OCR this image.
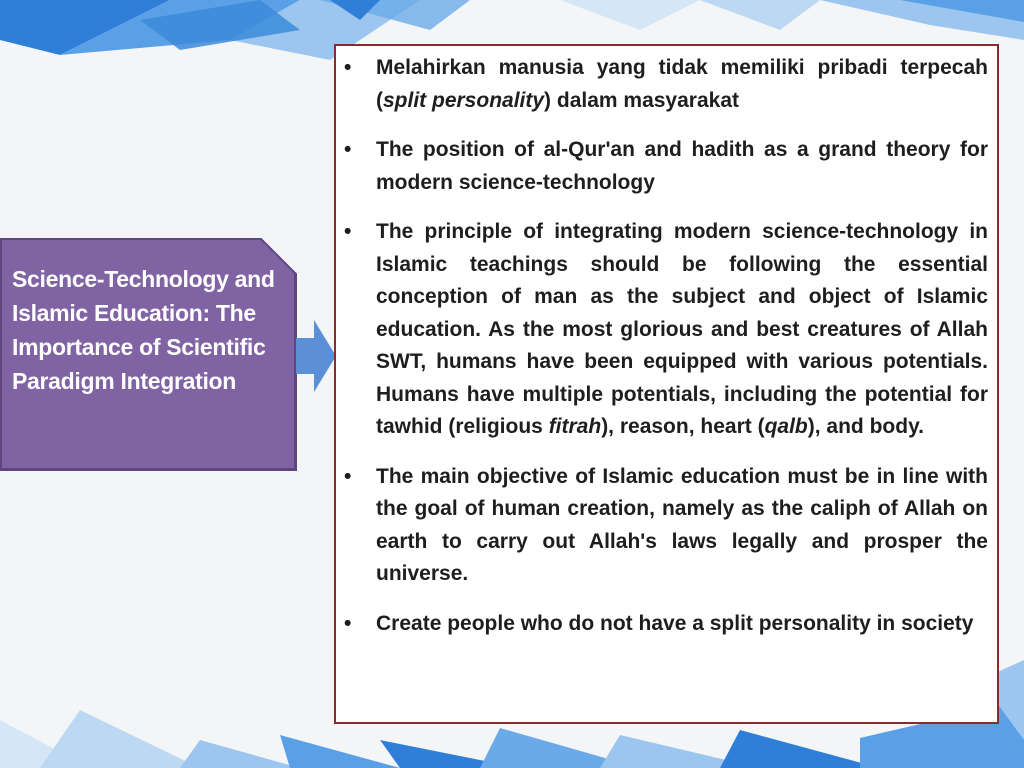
Science-Technology and Islamic Education: The Importance of Scientific Paradigm Integration
• Melahirkan manusia yang tidak memiliki pribadi terpecah (split personality) dalam masyarakat
• The position of al-Qur'an and hadith as a grand theory for modern science-technology
• The principle of integrating modern science-technology in Islamic teachings should be following the essential conception of man as the subject and object of Islamic education. As the most glorious and best creatures of Allah SWT, humans have been equipped with various potentials. Humans have multiple potentials, including the potential for tawhid (religious fitrah), reason, heart (qalb), and body.
• The main objective of Islamic education must be in line with the goal of human creation, namely as the caliph of Allah on earth to carry out Allah's laws legally and prosper the universe.
• Create people who do not have a split personality in society
